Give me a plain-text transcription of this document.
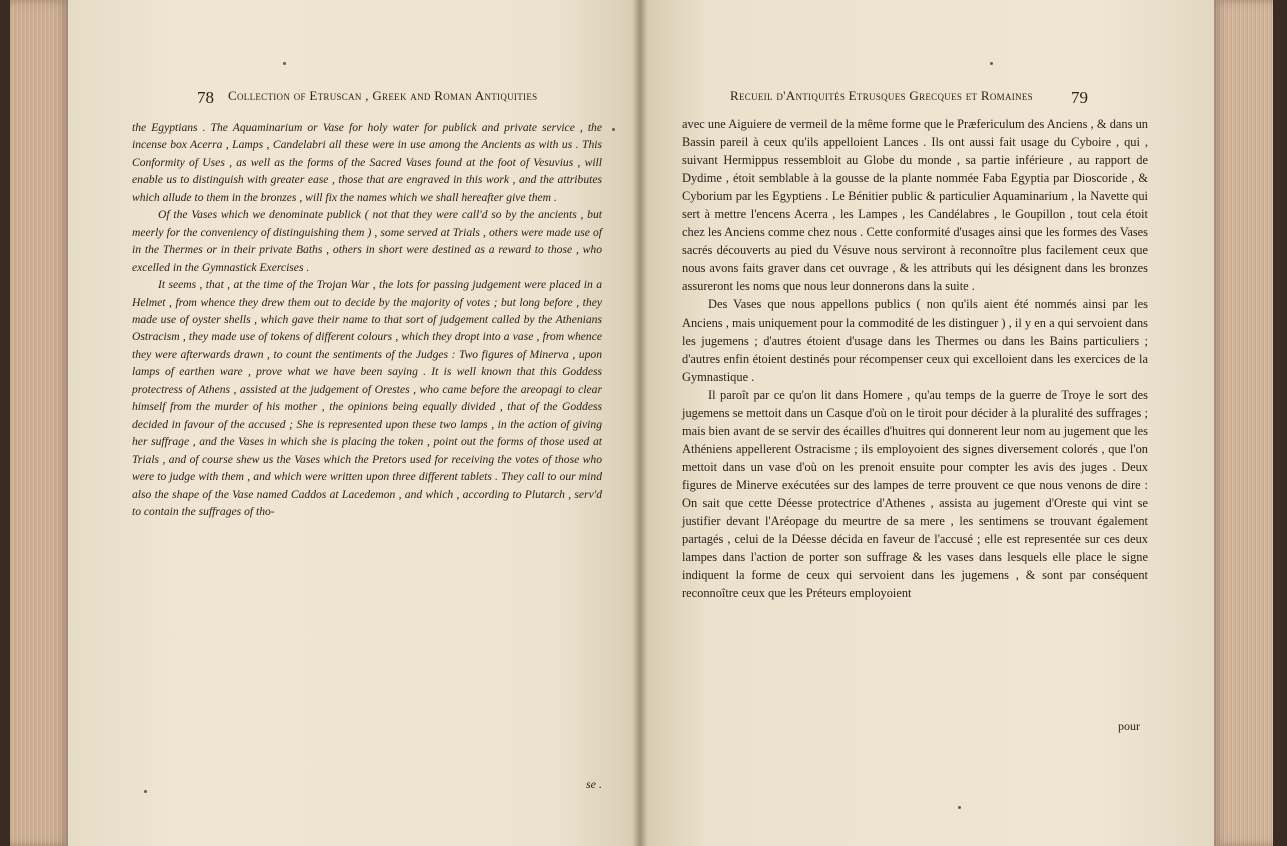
78 Collection of Etruscan , Greek and Roman Antiquities

the Egyptians . The Aquaminarium or Vase for holy water for publick and private service , the incense box Acerra , Lamps , Candelabri all these were in use among the Ancients as with us . This Conformity of Uses , as well as the forms of the Sacred Vases found at the foot of Vesuvius , will enable us to distinguish with greater ease , those that are engraved in this work , and the attributes which allude to them in the bronzes , will fix the names which we shall hereafter give them .

Of the Vases which we denominate publick ( not that they were call'd so by the ancients , but meerly for the conveniency of distinguishing them ) , some served at Trials , others were made use of in the Thermes or in their private Baths , others in short were destined as a reward to those , who excelled in the Gymnastick Exercises .

It seems , that , at the time of the Trojan War , the lots for passing judgement were placed in a Helmet , from whence they drew them out to decide by the majority of votes ; but long before , they made use of oyster shells , which gave their name to that sort of judgement called by the Athenians Ostracism , they made use of tokens of different colours , which they dropt into a vase , from whence they were afterwards drawn , to count the sentiments of the Judges : Two figures of Minerva , upon lamps of earthen ware , prove what we have been saying . It is well known that this Goddess protectress of Athens , assisted at the judgement of Orestes , who came before the areopagi to clear himself from the murder of his mother , the opinions being equally divided , that of the Goddess decided in favour of the accused ; She is represented upon these two lamps , in the action of giving her suffrage , and the Vases in which she is placing the token , point out the forms of those used at Trials , and of course shew us the Vases which the Pretors used for receiving the votes of those who were to judge with them , and which were written upon three different tablets . They call to our mind also the shape of the Vase named Caddos at Lacedemon , and which , according to Plutarch , serv'd to contain the suffrages of tho-

se .
Recueil d'Antiquités Etrusques Grecques et Romaines 79

avec une Aiguiere de vermeil de la même forme que le Præfericulum des Anciens , & dans un Bassin pareil à ceux qu'ils appelloient Lances . Ils ont aussi fait usage du Cyboire , qui , suivant Hermippus ressembloit au Globe du monde , sa partie inférieure , au rapport de Dydime , étoit semblable à la gousse de la plante nommée Faba Egyptia par Dioscoride , & Cyborium par les Egyptiens . Le Bénitier public & particulier Aquaminarium , la Navette qui sert à mettre l'encens Acerra , les Lampes , les Candélabres , le Goupillon , tout cela étoit chez les Anciens comme chez nous . Cette conformité d'usages ainsi que les formes des Vases sacrés découverts au pied du Vésuve nous serviront à reconnoître plus facilement ceux que nous avons faits graver dans cet ouvrage , & les attributs qui les désignent dans les bronzes assureront les noms que nous leur donnerons dans la suite .

Des Vases que nous appellons publics ( non qu'ils aient été nommés ainsi par les Anciens , mais uniquement pour la commodité de les distinguer ) , il y en a qui servoient dans les jugemens ; d'autres étoient d'usage dans les Thermes ou dans les Bains particuliers ; d'autres enfin étoient destinés pour récompenser ceux qui excelloient dans les exercices de la Gymnastique .

Il paroît par ce qu'on lit dans Homere , qu'au temps de la guerre de Troye le sort des jugemens se mettoit dans un Casque d'où on le tiroit pour décider à la pluralité des suffrages ; mais bien avant de se servir des écailles d'huitres qui donnerent leur nom au jugement que les Athéniens appellerent Ostracisme ; ils employoient des signes diversement colorés , que l'on mettoit dans un vase d'où on les prenoit ensuite pour compter les avis des juges . Deux figures de Minerve exécutées sur des lampes de terre prouvent ce que nous venons de dire : On sait que cette Déesse protectrice d'Athenes , assista au jugement d'Oreste qui vint se justifier devant l'Aréopage du meurtre de sa mere , les sentimens se trouvant également partagés , celui de la Déesse décida en faveur de l'accusé ; elle est representée sur ces deux lampes dans l'action de porter son suffrage & les vases dans lesquels elle place le signe indiquent la forme de ceux qui servoient dans les jugemens , & sont par conséquent reconnoître ceux que les Préteurs employoient

pour
